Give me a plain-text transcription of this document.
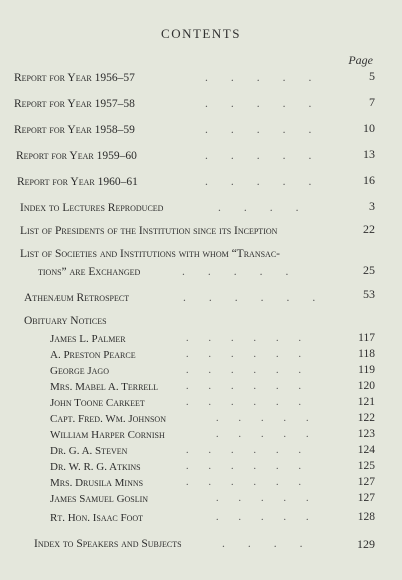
CONTENTS
Page
Report for Year 1956–57	.  .  .  .  .	5
Report for Year 1957–58	.  .  .  .  .	7
Report for Year 1958–59	.  .  .  .  .	10
Report for Year 1959–60	.  .  .  .  .	13
Report for Year 1960–61	.  .  .  .  .	16
Index to Lectures Reproduced	.  .  .  .	3
List of Presidents of the Institution since its Inception	22
List of Societies and Institutions with whom “Transac-
tions” are Exchanged	.  .  .  .  .	25
Athenæum Retrospect	.  .  .  .  .  .	53
Obituary Notices
James L. Palmer	.  .  .  .  .  .	117
A. Preston Pearce	.  .  .  .  .  .	118
George Jago	.  .  .  .  .  .	119
Mrs. Mabel A. Terrell	.  .  .  .  .  .	120
John Toone Carkeet	.  .  .  .  .  .	121
Capt. Fred. Wm. Johnson	.  .  .  .  .	122
William Harper Cornish	.  .  .  .  .	123
Dr. G. A. Steven	.  .  .  .  .  .	124
Dr. W. R. G. Atkins	.  .  .  .  .  .	125
Mrs. Drusila Minns	.  .  .  .  .  .	127
James Samuel Goslin	.  .  .  .  .	127
Rt. Hon. Isaac Foot	.  .  .  .  .	128
Index to Speakers and Subjects	.  .  .  .	129
